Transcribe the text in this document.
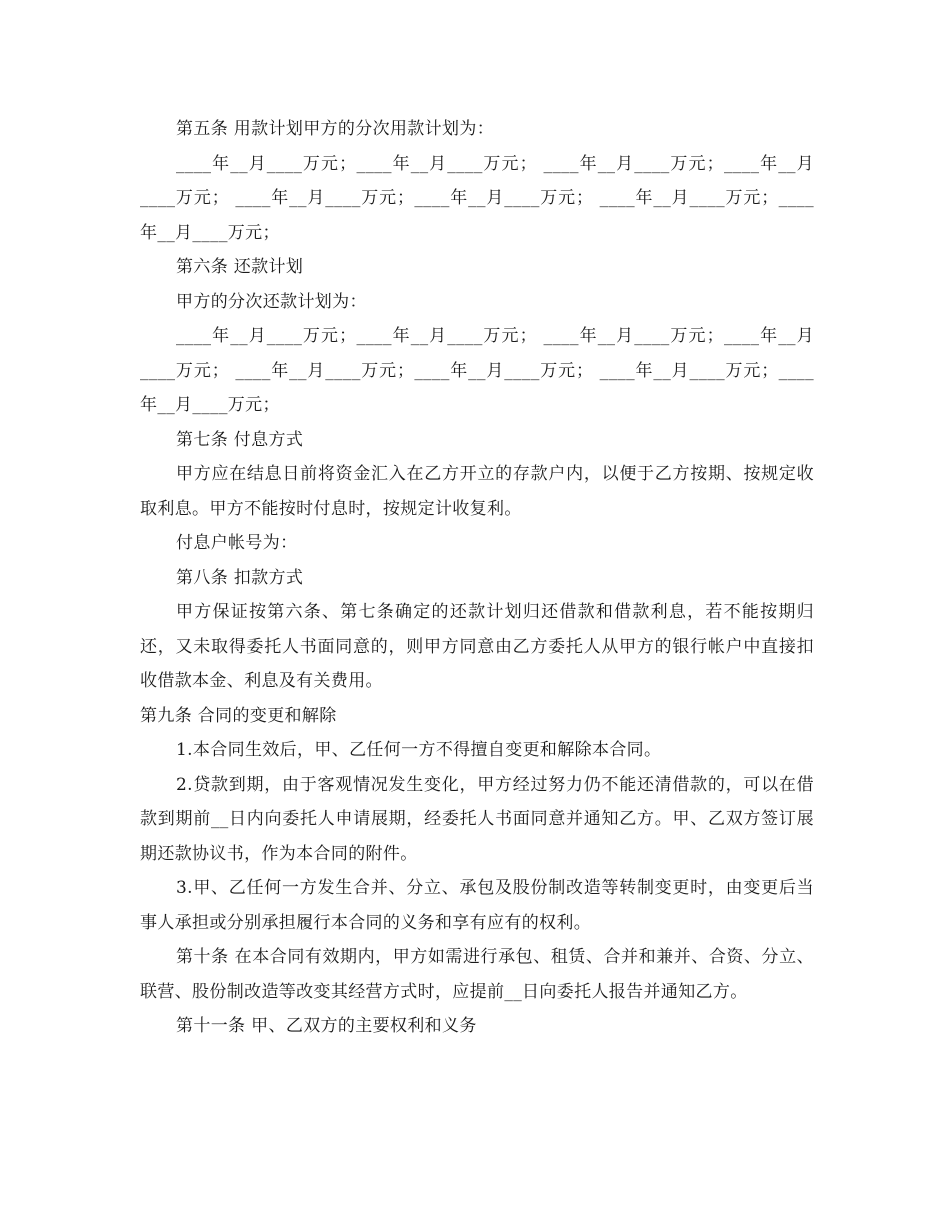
第五条 用款计划甲方的分次用款计划为：

____年__月____万元；____年__月____万元； ____年__月____万元；____年__月____万元； ____年__月____万元；____年__月____万元； ____年__月____万元；____年__月____万元；

第六条 还款计划

甲方的分次还款计划为：

____年__月____万元；____年__月____万元； ____年__月____万元；____年__月____万元； ____年__月____万元；____年__月____万元； ____年__月____万元；____年__月____万元；

第七条 付息方式

甲方应在结息日前将资金汇入在乙方开立的存款户内，以便于乙方按期、按规定收取利息。甲方不能按时付息时，按规定计收复利。

付息户帐号为：

第八条 扣款方式

甲方保证按第六条、第七条确定的还款计划归还借款和借款利息，若不能按期归还，又未取得委托人书面同意的，则甲方同意由乙方委托人从甲方的银行帐户中直接扣收借款本金、利息及有关费用。

第九条 合同的变更和解除

1.本合同生效后，甲、乙任何一方不得擅自变更和解除本合同。

2.贷款到期，由于客观情况发生变化，甲方经过努力仍不能还清借款的，可以在借款到期前__日内向委托人申请展期，经委托人书面同意并通知乙方。甲、乙双方签订展期还款协议书，作为本合同的附件。

3.甲、乙任何一方发生合并、分立、承包及股份制改造等转制变更时，由变更后当事人承担或分别承担履行本合同的义务和享有应有的权利。

第十条 在本合同有效期内，甲方如需进行承包、租赁、合并和兼并、合资、分立、联营、股份制改造等改变其经营方式时，应提前__日向委托人报告并通知乙方。

第十一条 甲、乙双方的主要权利和义务
